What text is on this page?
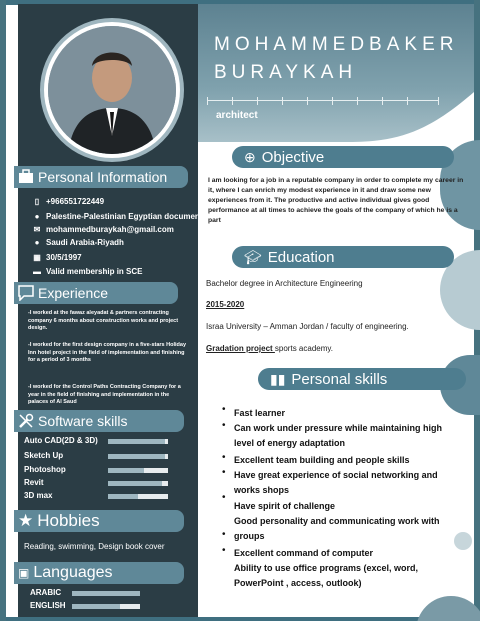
MOHAMMEDBAKER
BURAYKAH
architect
Personal Information
▯ +966551722449
● Palestine-Palestinian Egyptian document
✉ mohammedburaykah@gmail.com
● Saudi Arabia-Riyadh
▦ 30/5/1997
▬ Valid membership in SCE
Experience
-I worked at the fawaz aleyadat & partners contracting company 6 months about construction works and project design.
-I worked for the first design company in a five-stars Holiday Inn hotel project in the field of implementation and finishing for a period of 3 months
-I worked for the Control Paths Contracting Company for a year in the field of finishing and implementation in the palaces of Al Saud
Software skills
Auto CAD(2D & 3D)
Sketch Up
Photoshop
Revit
3D max
★ Hobbies
Reading, swimming, Design book cover
▣ Languages
ARABIC
ENGLISH
⊕ Objective
I am looking for a job in a reputable company in order to complete my career in it, where I can enrich my modest experience in it and draw some new experiences from it. The productive and active individual gives good performance at all times to achieve the goals of the company of which he is a part
🎓︎ Education
Bachelor degree in Architecture Engineering
2015-2020
Israa University – Amman Jordan / faculty of engineering.
Gradation project sports academy.
▮▮ Personal skills
Fast learner
Can work under pressure while maintaining high level of energy adaptation
Excellent team building and people skills
Have great experience of social networking and works shops
Have spirit of challenge
Good personality and communicating work with groups
Excellent command of computer
Ability to use office programs (excel, word, PowerPoint , access, outlook)
•
•
•
•
•
•
•
